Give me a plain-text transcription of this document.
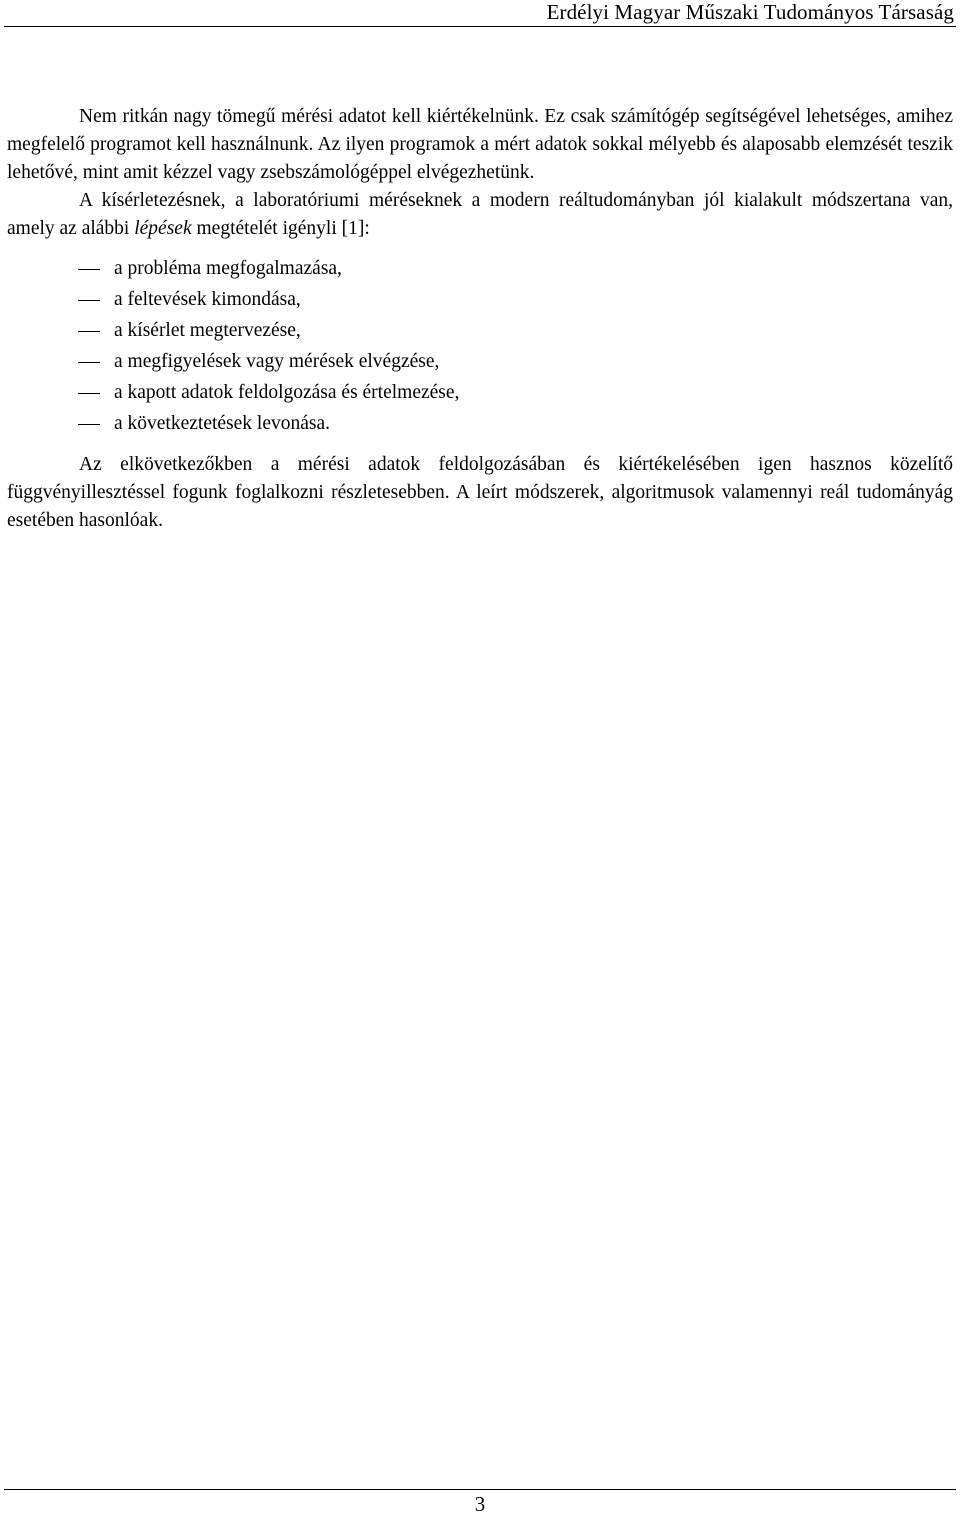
Erdélyi Magyar Műszaki Tudományos Társaság

Nem ritkán nagy tömegű mérési adatot kell kiértékelnünk. Ez csak számítógép segítségével lehetséges, amihez megfelelő programot kell használnunk. Az ilyen programok a mért adatok sokkal mélyebb és alaposabb elemzését teszik lehetővé, mint amit kézzel vagy zsebszámológéppel elvégezhetünk.

A kísérletezésnek, a laboratóriumi méréseknek a modern reáltudományban jól kialakult módszertana van, amely az alábbi lépések megtételét igényli [1]:

a probléma megfogalmazása,
a feltevések kimondása,
a kísérlet megtervezése,
a megfigyelések vagy mérések elvégzése,
a kapott adatok feldolgozása és értelmezése,
a következtetések levonása.

Az elkövetkezőkben a mérési adatok feldolgozásában és kiértékelésében igen hasznos közelítő függvényillesztéssel fogunk foglalkozni részletesebben. A leírt módszerek, algoritmusok valamennyi reál tudományág esetében hasonlóak.

3
